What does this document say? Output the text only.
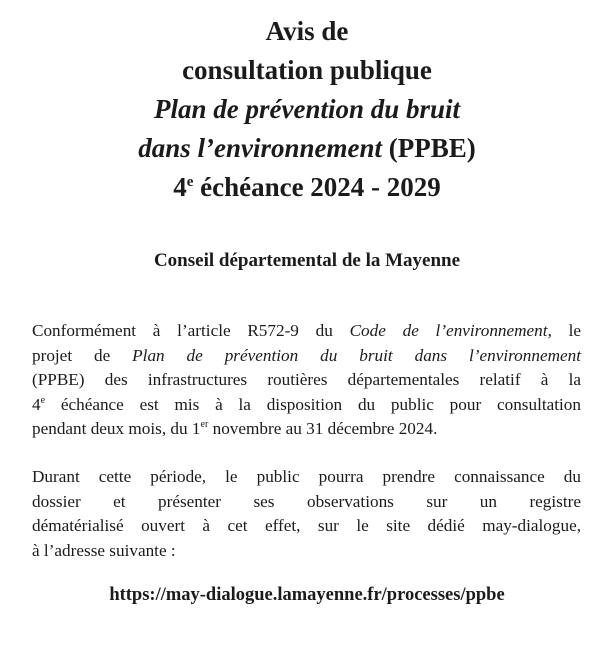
Avis de
consultation publique
Plan de prévention du bruit
dans l’environnement (PPBE)
4e échéance 2024 - 2029
Conseil départemental de la Mayenne
Conformément à l’article R572-9 du Code de l’environnement, le
projet de Plan de prévention du bruit dans l’environnement
(PPBE) des infrastructures routières départementales relatif à la
4e échéance est mis à la disposition du public pour consultation
pendant deux mois, du 1er novembre au 31 décembre 2024.
Durant cette période, le public pourra prendre connaissance du
dossier et présenter ses observations sur un registre
dématérialisé ouvert à cet effet, sur le site dédié may-dialogue,
à l’adresse suivante :
https://may-dialogue.lamayenne.fr/processes/ppbe
